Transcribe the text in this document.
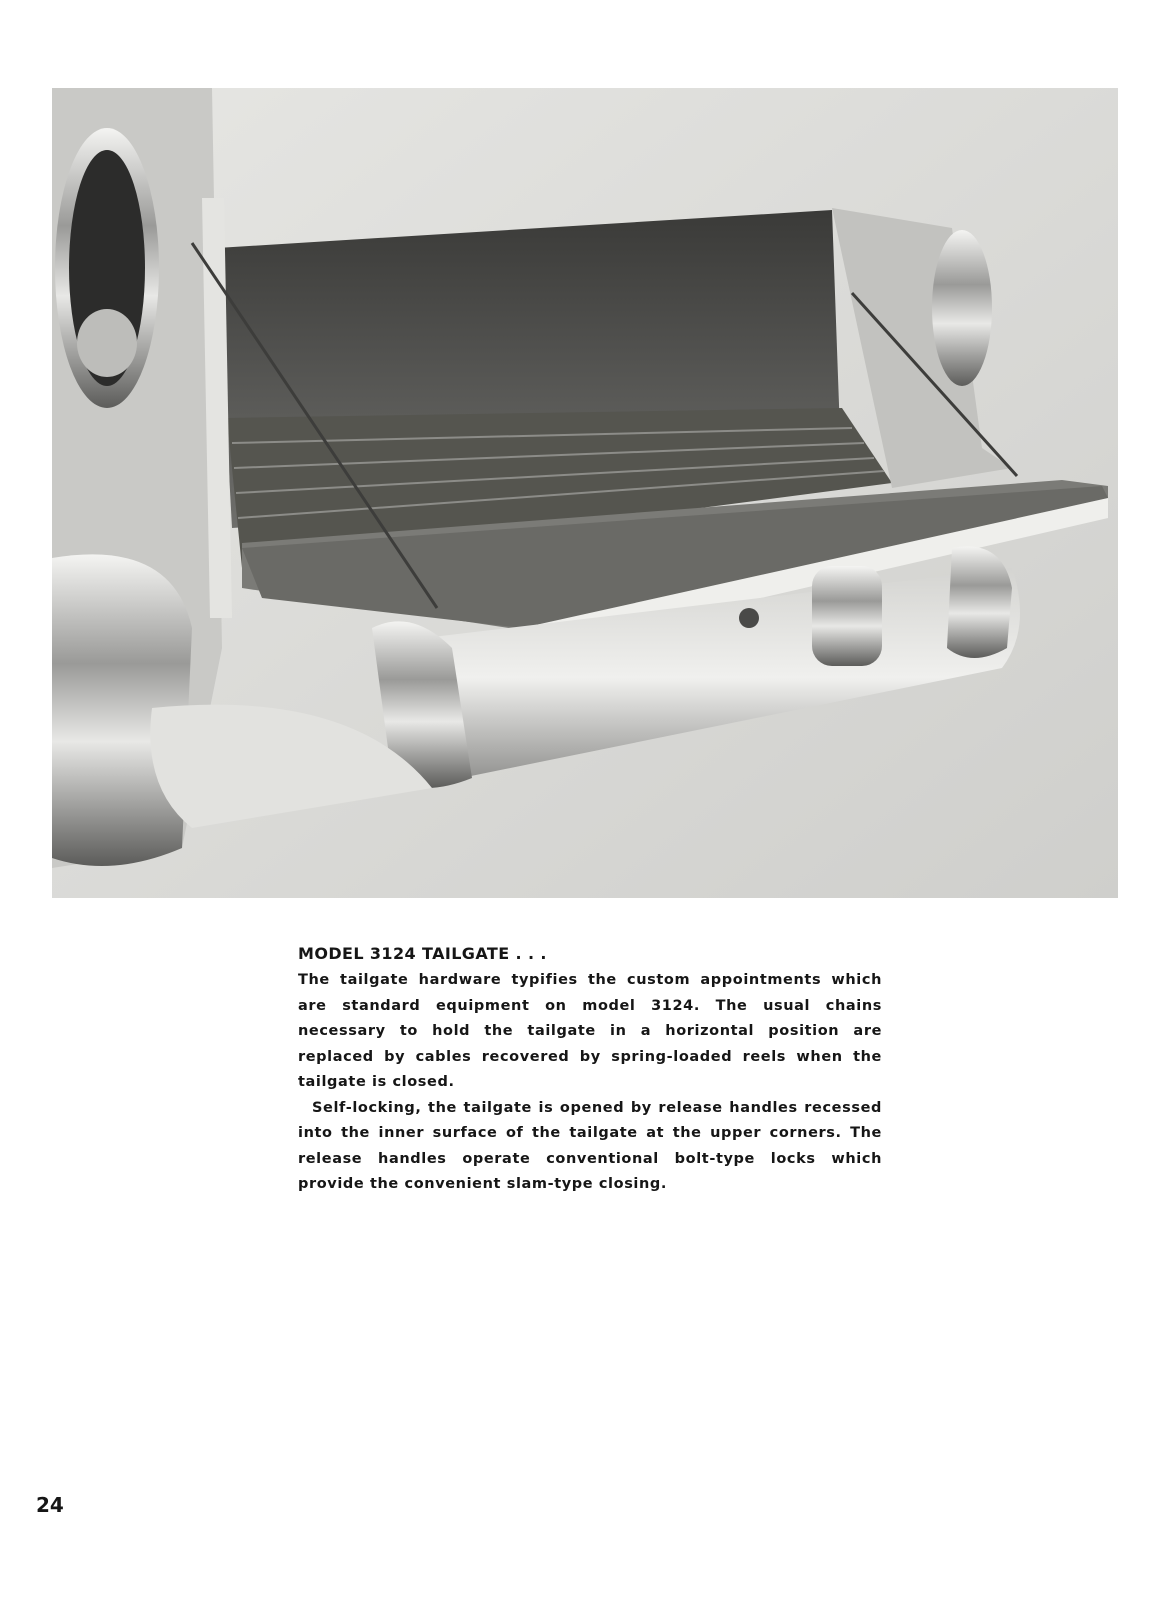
MODEL 3124 TAILGATE . . .

The tailgate hardware typifies the custom appointments which are standard equipment on model 3124. The usual chains necessary to hold the tailgate in a horizontal position are replaced by cables recovered by spring-loaded reels when the tailgate is closed.

Self-locking, the tailgate is opened by release handles recessed into the inner surface of the tailgate at the upper corners. The release handles operate conventional bolt-type locks which provide the convenient slam-type closing.

24
